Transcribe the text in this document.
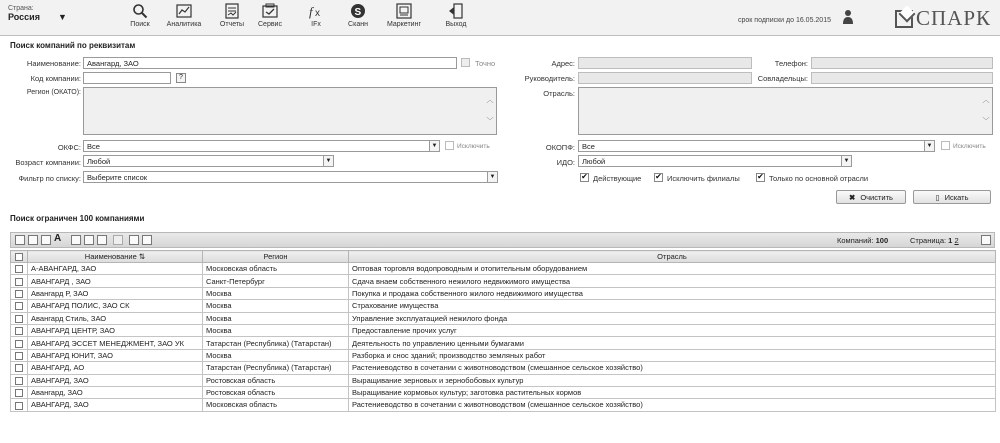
Страна:
Россия ▼
Поиск	Аналитика	Отчеты	Сервис
f x
IFx
S
Сканн	Маркетинг	Выход
срок подписки до 16.05.2015	СПАРК
Поиск компаний по реквизитам
Наименование: Авангард, ЗАО	Точно
Код компании:	?
Регион (ОКАТО):
︿
﹀
ОКФС: Все	▼	Исключить
Возраст компании: Любой	▼
Фильтр по списку: Выберите список	▼
Адрес:	Телефон:
Руководитель:	Совладельцы:
Отрасль:
︿
﹀
ОКОПФ: Все	▼	Исключить
ИДО: Любой	▼
✔
Действующие ✔	Исключить филиалы ✔	Только по основной отрасли
✖ Очистить	▯ Искать
Поиск ограничен 100 компаниями
A	Компаний: 100	Страница: 1 2
	Наименование ⇅	Регион	Отрасль
	А-АВАНГАРД, ЗАО	Московская область	Оптовая торговля водопроводным и отопительным оборудованием
	АВАНГАРД , ЗАО	Санкт-Петербург	Сдача внаем собственного нежилого недвижимого имущества
	Авангард Р, ЗАО	Москва	Покупка и продажа собственного жилого недвижимого имущества
	АВАНГАРД ПОЛИС, ЗАО СК	Москва	Страхование имущества
	Авангард Стиль, ЗАО	Москва	Управление эксплуатацией нежилого фонда
	АВАНГАРД ЦЕНТР, ЗАО	Москва	Предоставление прочих услуг
	АВАНГАРД ЭССЕТ МЕНЕДЖМЕНТ, ЗАО УК	Татарстан (Республика) (Татарстан)	Деятельность по управлению ценными бумагами
	АВАНГАРД ЮНИТ, ЗАО	Москва	Разборка и снос зданий; производство земляных работ
	АВАНГАРД, АО	Татарстан (Республика) (Татарстан)	Растениеводство в сочетании с животноводством (смешанное сельское хозяйство)
	АВАНГАРД, ЗАО	Ростовская область	Выращивание зерновых и зернобобовых культур
	Авангард, ЗАО	Ростовская область	Выращивание кормовых культур; заготовка растительных кормов
	АВАНГАРД, ЗАО	Московская область	Растениеводство в сочетании с животноводством (смешанное сельское хозяйство)
